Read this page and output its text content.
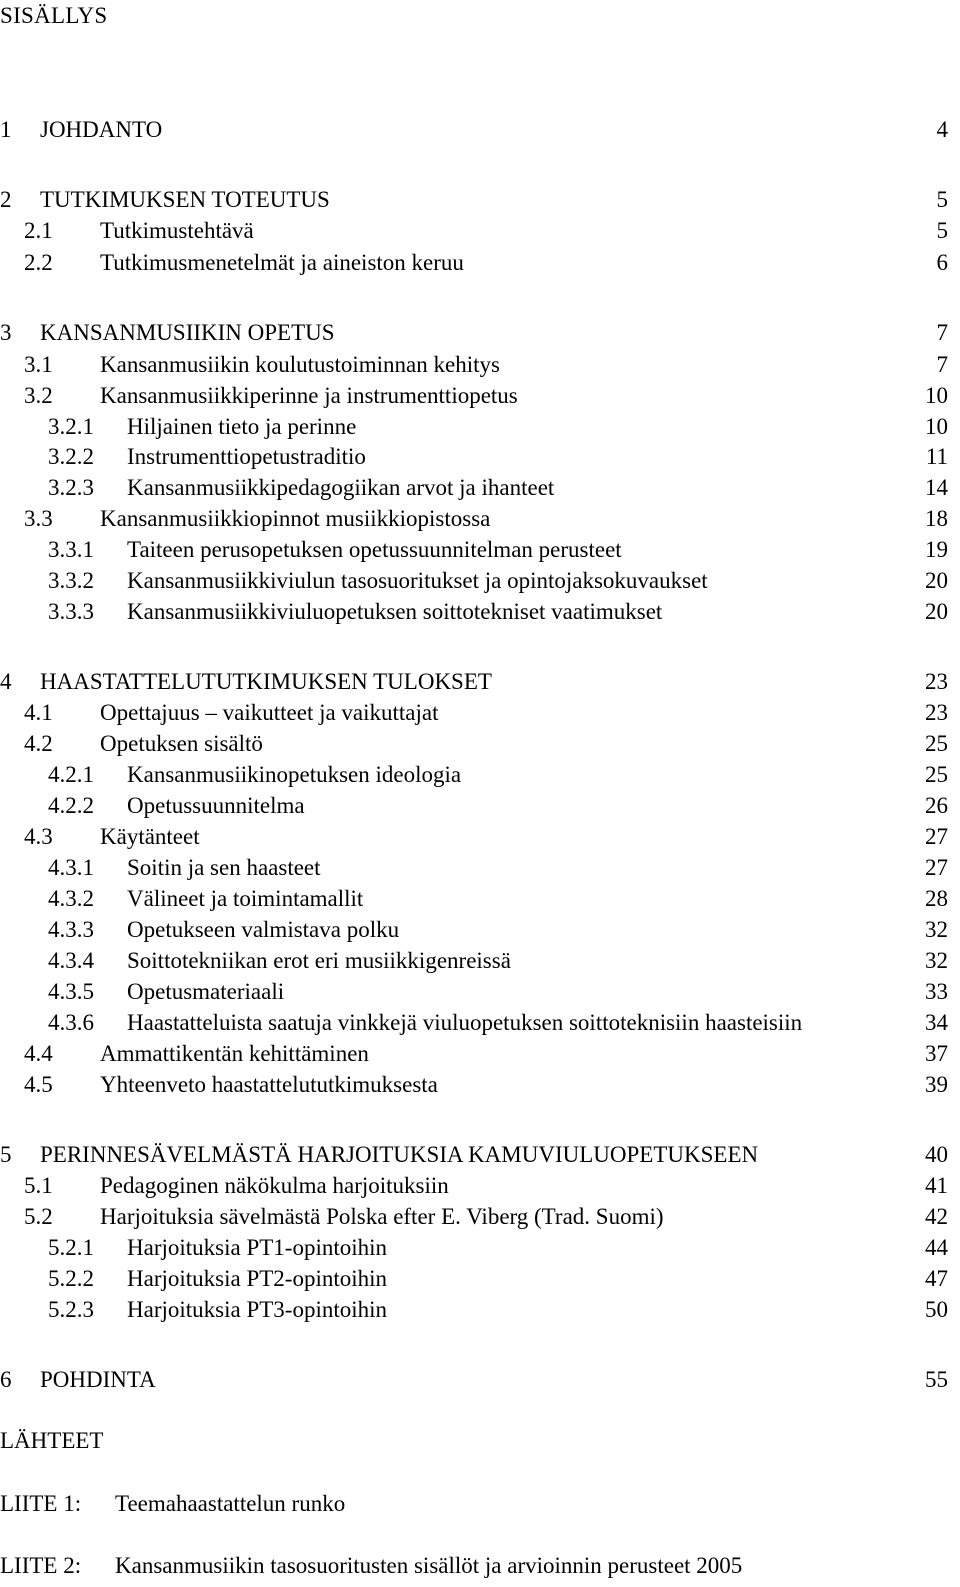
SISÄLLYS
1 JOHDANTO	4
2 TUTKIMUKSEN TOTEUTUS	5
2.1 Tutkimustehtävä	5
2.2 Tutkimusmenetelmät ja aineiston keruu	6
3 KANSANMUSIIKIN OPETUS	7
3.1 Kansanmusiikin koulutustoiminnan kehitys	7
3.2 Kansanmusiikkiperinne ja instrumenttiopetus	10
3.2.1 Hiljainen tieto ja perinne	10
3.2.2 Instrumenttiopetustraditio	11
3.2.3 Kansanmusiikkipedagogiikan arvot ja ihanteet	14
3.3 Kansanmusiikkiopinnot musiikkiopistossa	18
3.3.1 Taiteen perusopetuksen opetussuunnitelman perusteet	19
3.3.2 Kansanmusiikkiviulun tasosuoritukset ja opintojaksokuvaukset	20
3.3.3 Kansanmusiikkiviuluopetuksen soittotekniset vaatimukset	20
4 HAASTATTELUTUTKIMUKSEN TULOKSET	23
4.1 Opettajuus – vaikutteet ja vaikuttajat	23
4.2 Opetuksen sisältö	25
4.2.1 Kansanmusiikinopetuksen ideologia	25
4.2.2 Opetussuunnitelma	26
4.3 Käytänteet	27
4.3.1 Soitin ja sen haasteet	27
4.3.2 Välineet ja toimintamallit	28
4.3.3 Opetukseen valmistava polku	32
4.3.4 Soittotekniikan erot eri musiikkigenreissä	32
4.3.5 Opetusmateriaali	33
4.3.6 Haastatteluista saatuja vinkkejä viuluopetuksen soittoteknisiin haasteisiin	34
4.4 Ammattikentän kehittäminen	37
4.5 Yhteenveto haastattelututkimuksesta	39
5 PERINNESÄVELMÄSTÄ HARJOITUKSIA KAMUVIULUOPETUKSEEN	40
5.1 Pedagoginen näkökulma harjoituksiin	41
5.2 Harjoituksia sävelmästä Polska efter E. Viberg (Trad. Suomi)	42
5.2.1 Harjoituksia PT1-opintoihin	44
5.2.2 Harjoituksia PT2-opintoihin	47
5.2.3 Harjoituksia PT3-opintoihin	50
6 POHDINTA	55
LÄHTEET
LIITE 1: Teemahaastattelun runko
LIITE 2: Kansanmusiikin tasosuoritusten sisällöt ja arvioinnin perusteet 2005
